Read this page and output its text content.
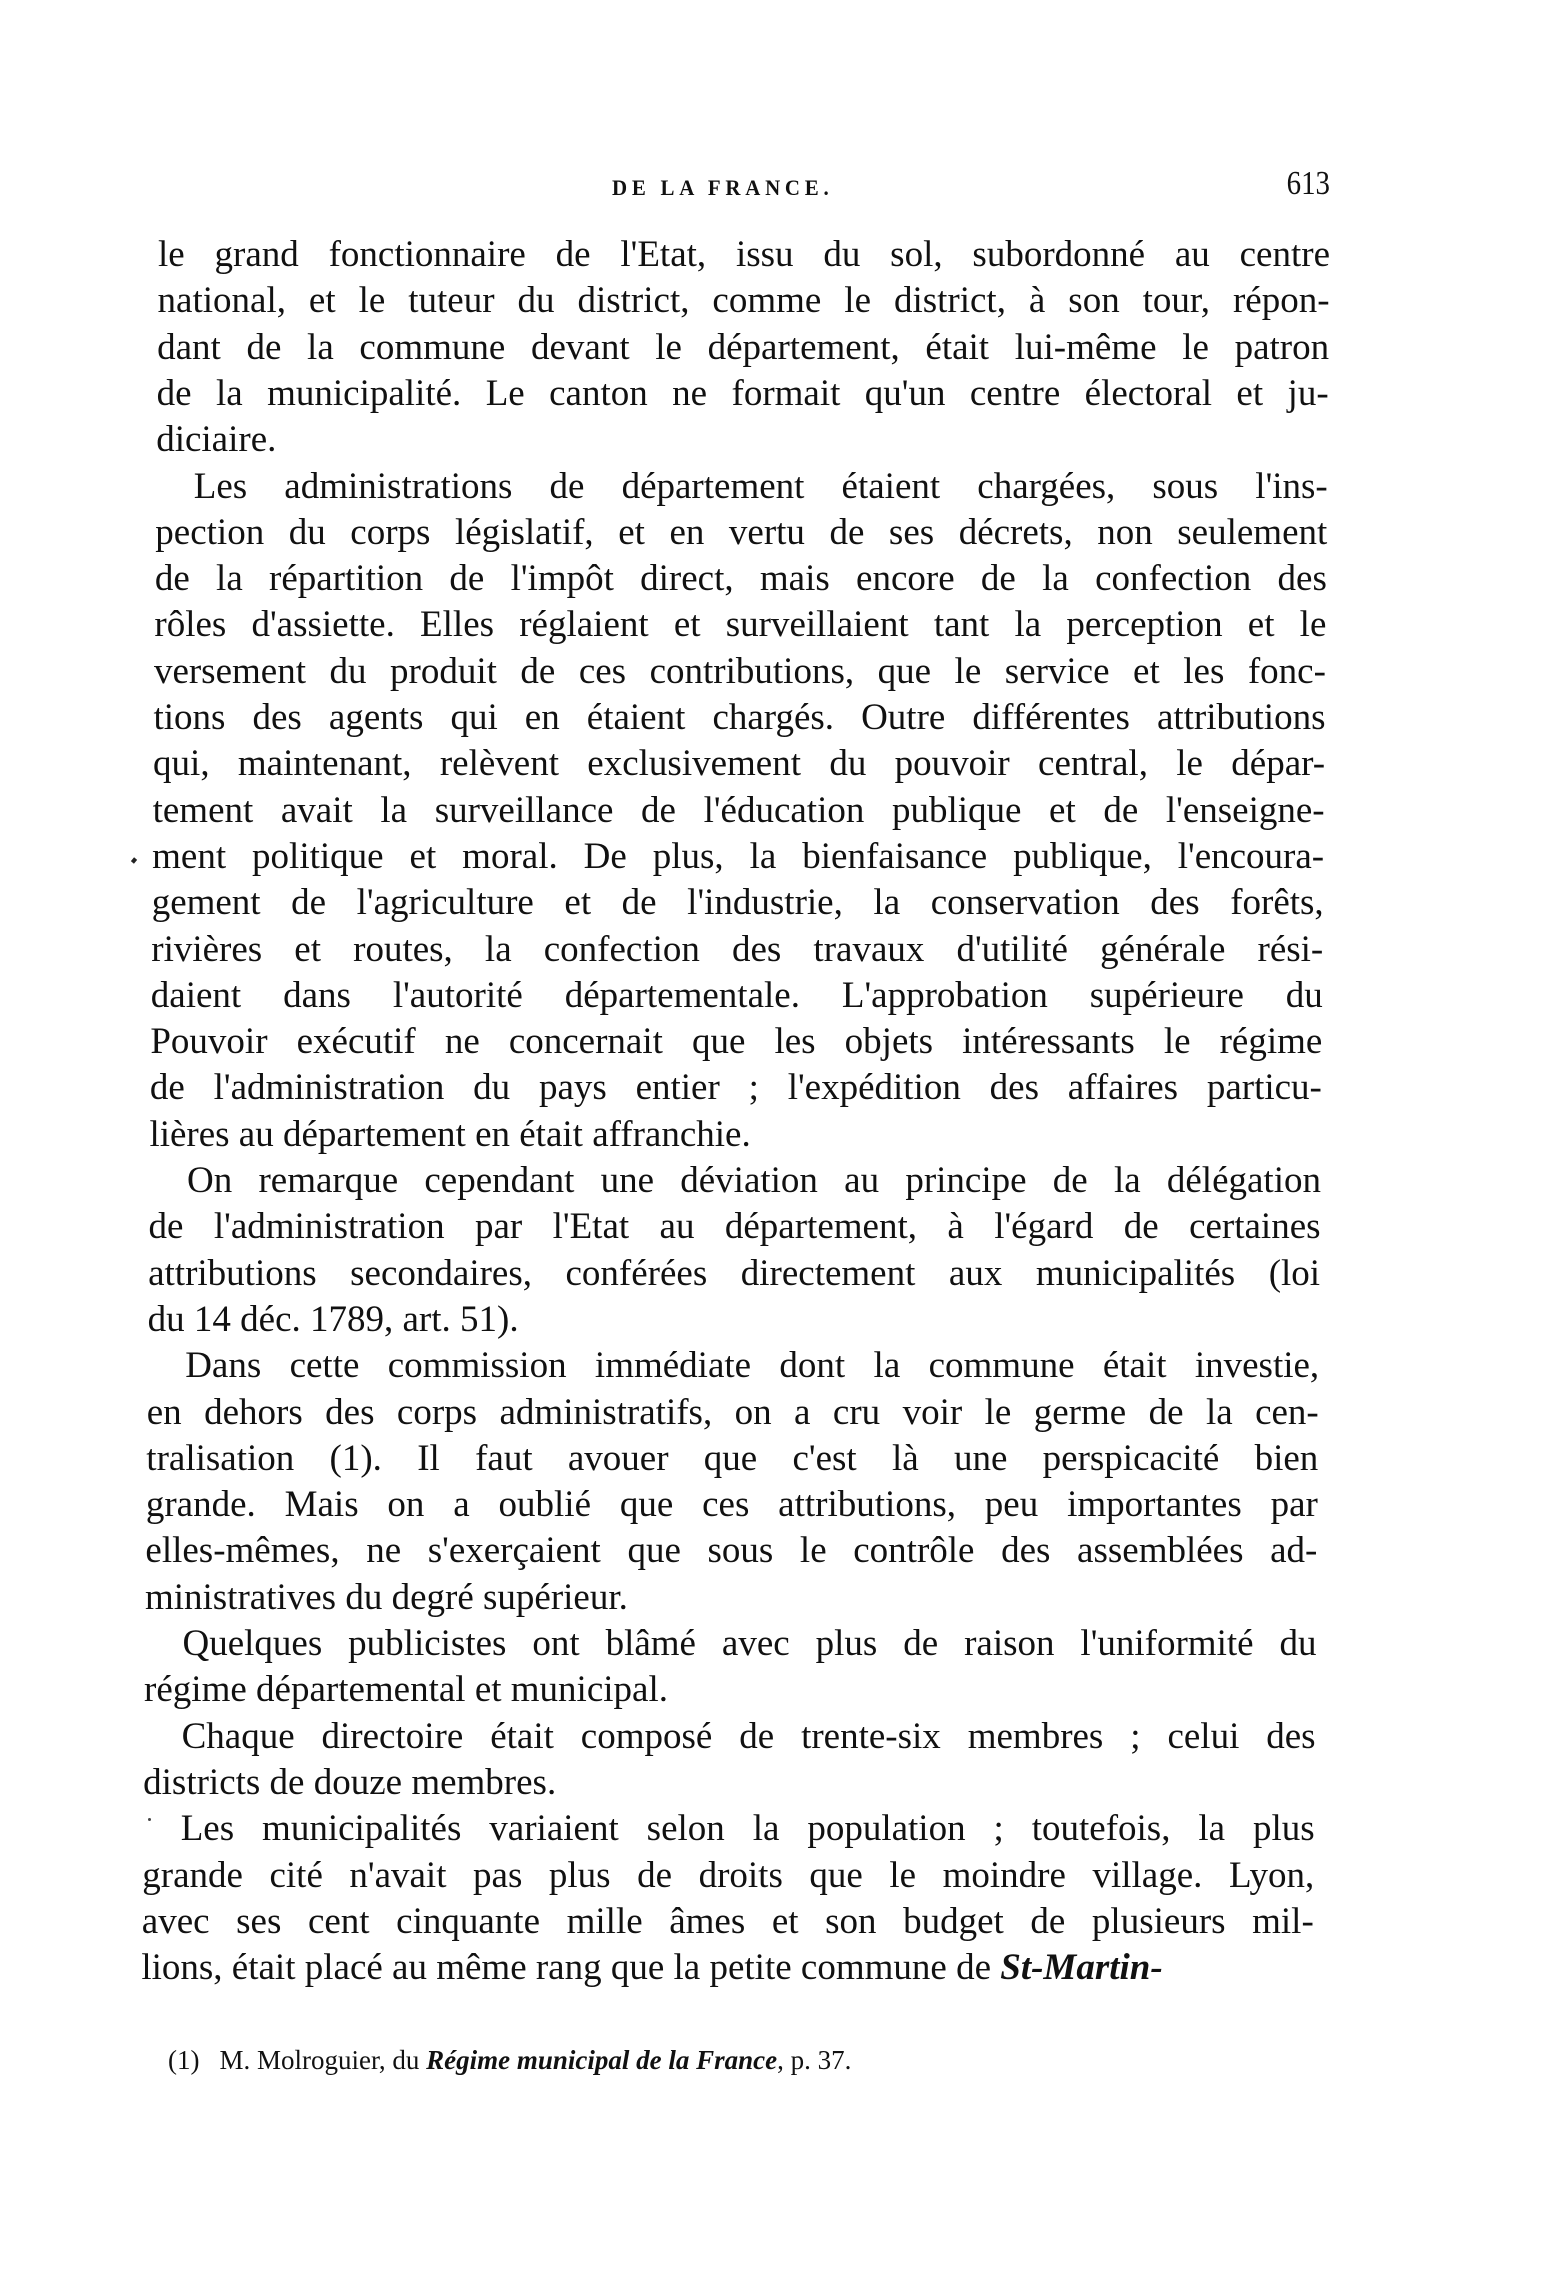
DE LA FRANCE.	613
le grand fonctionnaire de l'Etat, issu du sol, subordonné au centre
national, et le tuteur du district, comme le district, à son tour, répon-
dant de la commune devant le département, était lui-même le patron
de la municipalité. Le canton ne formait qu'un centre électoral et ju-
diciaire.
Les administrations de département étaient chargées, sous l'ins-
pection du corps législatif, et en vertu de ses décrets, non seulement
de la répartition de l'impôt direct, mais encore de la confection des
rôles d'assiette. Elles réglaient et surveillaient tant la perception et le
versement du produit de ces contributions, que le service et les fonc-
tions des agents qui en étaient chargés. Outre différentes attributions
qui, maintenant, relèvent exclusivement du pouvoir central, le dépar-
tement avait la surveillance de l'éducation publique et de l'enseigne-
ment politique et moral. De plus, la bienfaisance publique, l'encoura-
gement de l'agriculture et de l'industrie, la conservation des forêts,
rivières et routes, la confection des travaux d'utilité générale rési-
daient dans l'autorité départementale. L'approbation supérieure du
Pouvoir exécutif ne concernait que les objets intéressants le régime
de l'administration du pays entier ; l'expédition des affaires particu-
lières au département en était affranchie.
On remarque cependant une déviation au principe de la délégation
de l'administration par l'Etat au département, à l'égard de certaines
attributions secondaires, conférées directement aux municipalités (loi
du 14 déc. 1789, art. 51).
Dans cette commission immédiate dont la commune était investie,
en dehors des corps administratifs, on a cru voir le germe de la cen-
tralisation (1). Il faut avouer que c'est là une perspicacité bien
grande. Mais on a oublié que ces attributions, peu importantes par
elles-mêmes, ne s'exerçaient que sous le contrôle des assemblées ad-
ministratives du degré supérieur.
Quelques publicistes ont blâmé avec plus de raison l'uniformité du
régime départemental et municipal.
Chaque directoire était composé de trente-six membres ; celui des
districts de douze membres.
Les municipalités variaient selon la population ; toutefois, la plus
grande cité n'avait pas plus de droits que le moindre village. Lyon,
avec ses cent cinquante mille âmes et son budget de plusieurs mil-
lions, était placé au même rang que la petite commune de St-Martin-
(1) M. Molroguier, du Régime municipal de la France, p. 37.
